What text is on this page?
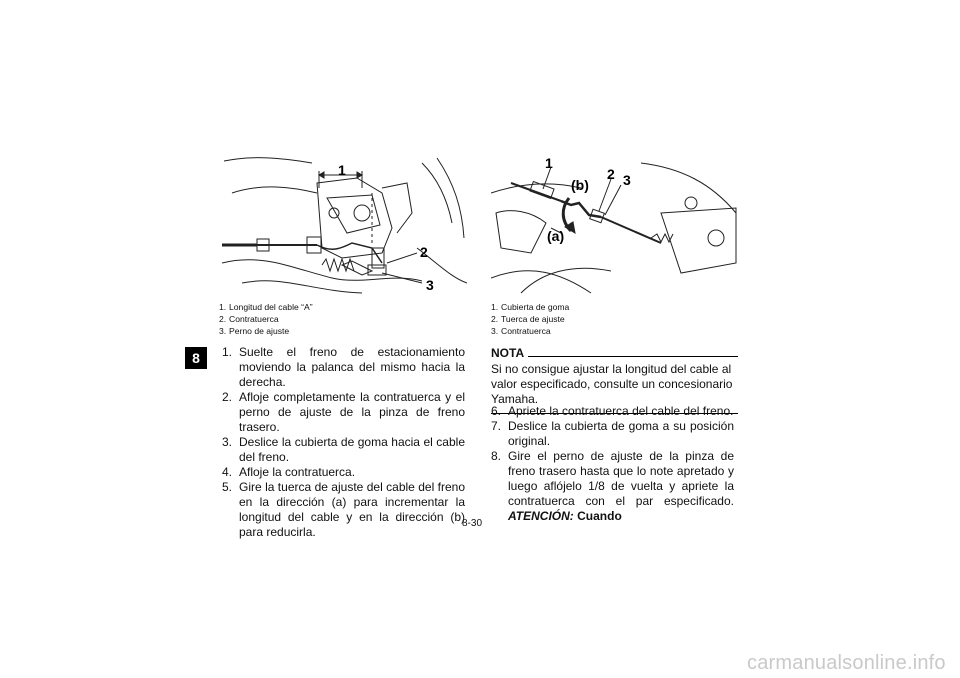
8
1
2
3
1. Longitud del cable “A”
2. Contratuerca
3. Perno de ajuste
1
2 3
(a)
(b)
1. Cubierta de goma
2. Tuerca de ajuste
3. Contratuerca
1. Suelte el freno de estacionamiento moviendo la palanca del mismo hacia la derecha.
2. Afloje completamente la contratuerca y el perno de ajuste de la pinza de freno trasero.
3. Deslice la cubierta de goma hacia el cable del freno.
4. Afloje la contratuerca.
5. Gire la tuerca de ajuste del cable del freno en la dirección (a) para incrementar la longitud del cable y en la dirección (b) para reducirla.
NOTA
Si no consigue ajustar la longitud del cable al valor especificado, consulte un concesionario Yamaha.
6. Apriete la contratuerca del cable del freno.
7. Deslice la cubierta de goma a su posición original.
8. Gire el perno de ajuste de la pinza de freno trasero hasta que lo note apretado y luego aflójelo 1/8 de vuelta y apriete la contratuerca con el par especificado. ATENCIÓN: Cuando
8-30
carmanualsonline.info
